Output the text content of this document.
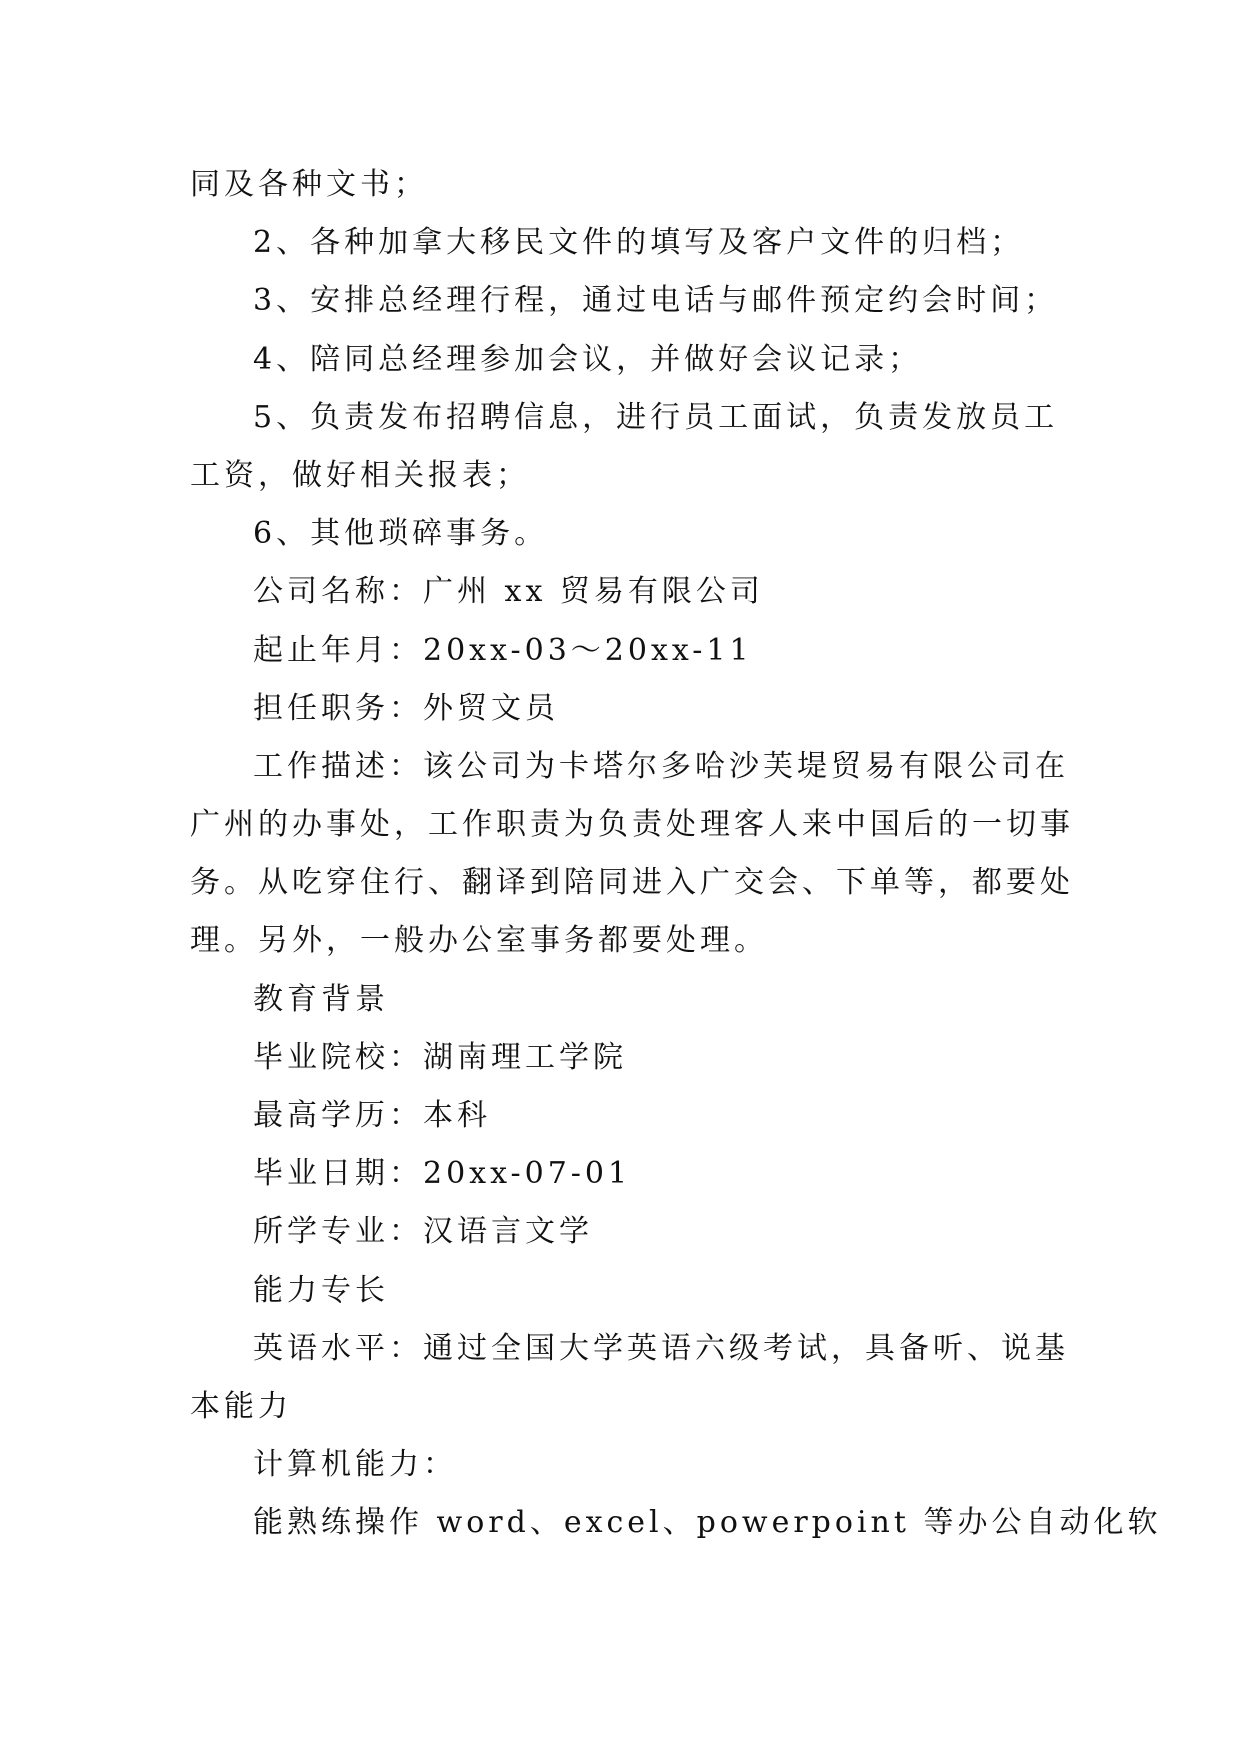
同及各种文书；
2、各种加拿大移民文件的填写及客户文件的归档；
3、安排总经理行程，通过电话与邮件预定约会时间；
4、陪同总经理参加会议，并做好会议记录；
5、负责发布招聘信息，进行员工面试，负责发放员工
工资，做好相关报表；
6、其他琐碎事务。
公司名称：广州 xx 贸易有限公司
起止年月：20xx-03～20xx-11
担任职务：外贸文员
工作描述：该公司为卡塔尔多哈沙芙堤贸易有限公司在
广州的办事处，工作职责为负责处理客人来中国后的一切事
务。从吃穿住行、翻译到陪同进入广交会、下单等，都要处
理。另外，一般办公室事务都要处理。
教育背景
毕业院校：湖南理工学院
最高学历：本科
毕业日期：20xx-07-01
所学专业：汉语言文学
能力专长
英语水平：通过全国大学英语六级考试，具备听、说基
本能力
计算机能力：
能熟练操作 word、excel、powerpoint 等办公自动化软
